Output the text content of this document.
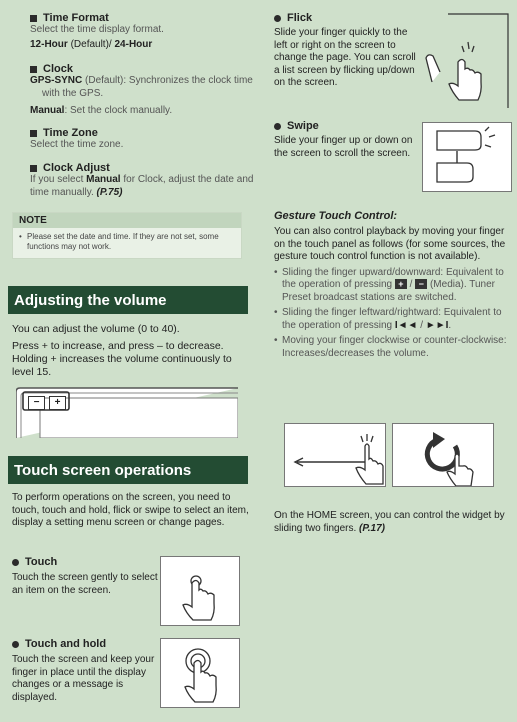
Time Format

Select the time display format.

12-Hour (Default)/ 24-Hour

Clock

GPS-SYNC (Default): Synchronizes the clock time with the GPS.

Manual: Set the clock manually.

Time Zone

Select the time zone.

Clock Adjust

If you select Manual for Clock, adjust the date and time manually. (P.75)

NOTE
• Please set the date and time. If they are not set, some functions may not work.
Adjusting the volume

You can adjust the volume (0 to 40).

Press + to increase, and press – to decrease.

Holding + increases the volume continuously to level 15.

−	+
Touch screen operations
To perform operations on the screen, you need to touch, touch and hold, flick or swipe to select an item, display a setting menu screen or change pages.

Touch

Touch the screen gently to select an item on the screen.

Touch and hold

Touch the screen and keep your finger in place until the display changes or a message is displayed.

Flick

Slide your finger quickly to the left or right on the screen to change the page. You can scroll a list screen by flicking up/down on the screen.

Swipe

Slide your finger up or down on the screen to scroll the screen.

Gesture Touch Control:

You can also control playback by moving your finger on the touch panel as follows (for some sources, the gesture touch control function is not available).

• Sliding the finger upward/downward: Equivalent to the operation of pressing + / − (Media). Tuner Preset broadcast stations are switched.

• Sliding the finger leftward/rightward: Equivalent to the operation of pressing I◄◄ / ►►I.

• Moving your finger clockwise or counter-clockwise: Increases/decreases the volume.

On the HOME screen, you can control the widget by sliding two fingers. (P.17)
